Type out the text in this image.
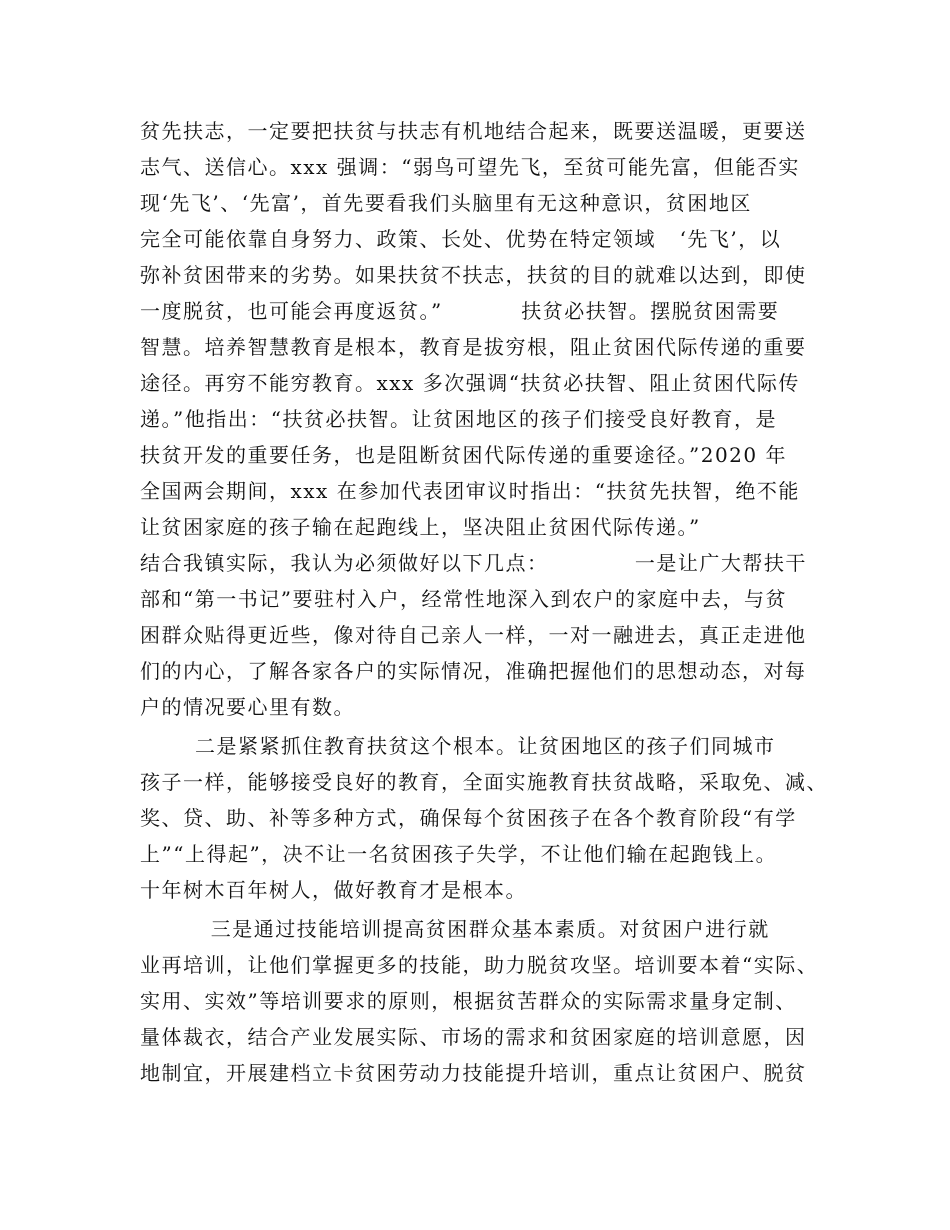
贫先扶志，一定要把扶贫与扶志有机地结合起来，既要送温暖，更要送
志气、送信心。xxx 强调：“弱鸟可望先飞，至贫可能先富，但能否实
现‘先飞’、‘先富’，首先要看我们头脑里有无这种意识，贫困地区
完全可能依靠自身努力、政策、长处、优势在特定领域   ‘先飞’，以
弥补贫困带来的劣势。如果扶贫不扶志，扶贫的目的就难以达到，即使
一度脱贫，也可能会再度返贫。”          扶贫必扶智。摆脱贫困需要
智慧。培养智慧教育是根本，教育是拔穷根，阻止贫困代际传递的重要
途径。再穷不能穷教育。xxx 多次强调“扶贫必扶智、阻止贫困代际传
递。”他指出：“扶贫必扶智。让贫困地区的孩子们接受良好教育，是
扶贫开发的重要任务，也是阻断贫困代际传递的重要途径。”2020 年
全国两会期间，xxx 在参加代表团审议时指出：“扶贫先扶智，绝不能
让贫困家庭的孩子输在起跑线上，坚决阻止贫困代际传递。”
结合我镇实际，我认为必须做好以下几点：           一是让广大帮扶干
部和“第一书记”要驻村入户，经常性地深入到农户的家庭中去，与贫
困群众贴得更近些，像对待自己亲人一样，一对一融进去，真正走进他
们的内心，了解各家各户的实际情况，准确把握他们的思想动态，对每
户的情况要心里有数。
二是紧紧抓住教育扶贫这个根本。让贫困地区的孩子们同城市
孩子一样，能够接受良好的教育，全面实施教育扶贫战略，采取免、减、
奖、贷、助、补等多种方式，确保每个贫困孩子在各个教育阶段“有学
上”“上得起”，决不让一名贫困孩子失学，不让他们输在起跑钱上。
十年树木百年树人，做好教育才是根本。
三是通过技能培训提高贫困群众基本素质。对贫困户进行就
业再培训，让他们掌握更多的技能，助力脱贫攻坚。培训要本着“实际、
实用、实效”等培训要求的原则，根据贫苦群众的实际需求量身定制、
量体裁衣，结合产业发展实际、市场的需求和贫困家庭的培训意愿，因
地制宜，开展建档立卡贫困劳动力技能提升培训，重点让贫困户、脱贫
